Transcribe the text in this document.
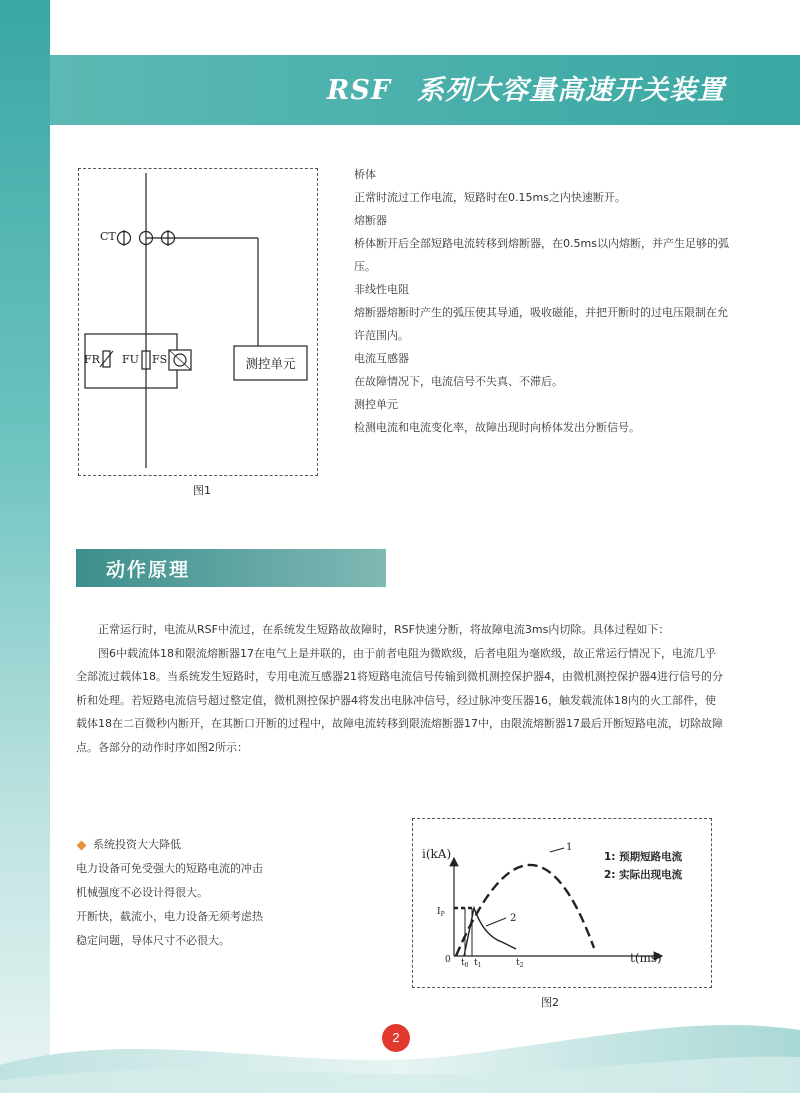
RSF 系列大容量高速开关装置
CT
FR FU FS	测控单元
图1

桥体

正常时流过工作电流，短路时在0.15ms之内快速断开。

熔断器

桥体断开后全部短路电流转移到熔断器，在0.5ms以内熔断，并产生足够的弧压。

非线性电阻

熔断器熔断时产生的弧压使其导通，吸收磁能，并把开断时的过电压限制在允许范围内。

电流互感器

在故障情况下，电流信号不失真、不滞后。

测控单元

检测电流和电流变化率，故障出现时向桥体发出分断信号。

动作原理

正常运行时，电流从RSF中流过，在系统发生短路故故障时，RSF快速分断，将故障电流3ms内切除。具体过程如下：

图6中载流体18和限流熔断器17在电气上是并联的，由于前者电阻为微欧级，后者电阻为毫欧级，故正常运行情况下，电流几乎全部流过载体18。当系统发生短路时，专用电流互感器21将短路电流信号传输到微机测控保护器4，由微机测控保护器4进行信号的分析和处理。若短路电流信号超过整定值，微机测控保护器4将发出电脉冲信号，经过脉冲变压器16，触发载流体18内的火工部件，使载体18在二百微秒内断开，在其断口开断的过程中，故障电流转移到限流熔断器17中，由限流熔断器17最后开断短路电流，切除故障点。各部分的动作时序如图2所示：

系统投资大大降低

电力设备可免受强大的短路电流的冲击

机械强度不必设计得很大。

开断快，截流小，电力设备无须考虑热

稳定问题，导体尺寸不必很大。

i(kA)
t(ms)
0
$I_P$
$t_0$ $t_1$	$t_2$
1
2
1: 预期短路电流
2: 实际出现电流
图2
2
